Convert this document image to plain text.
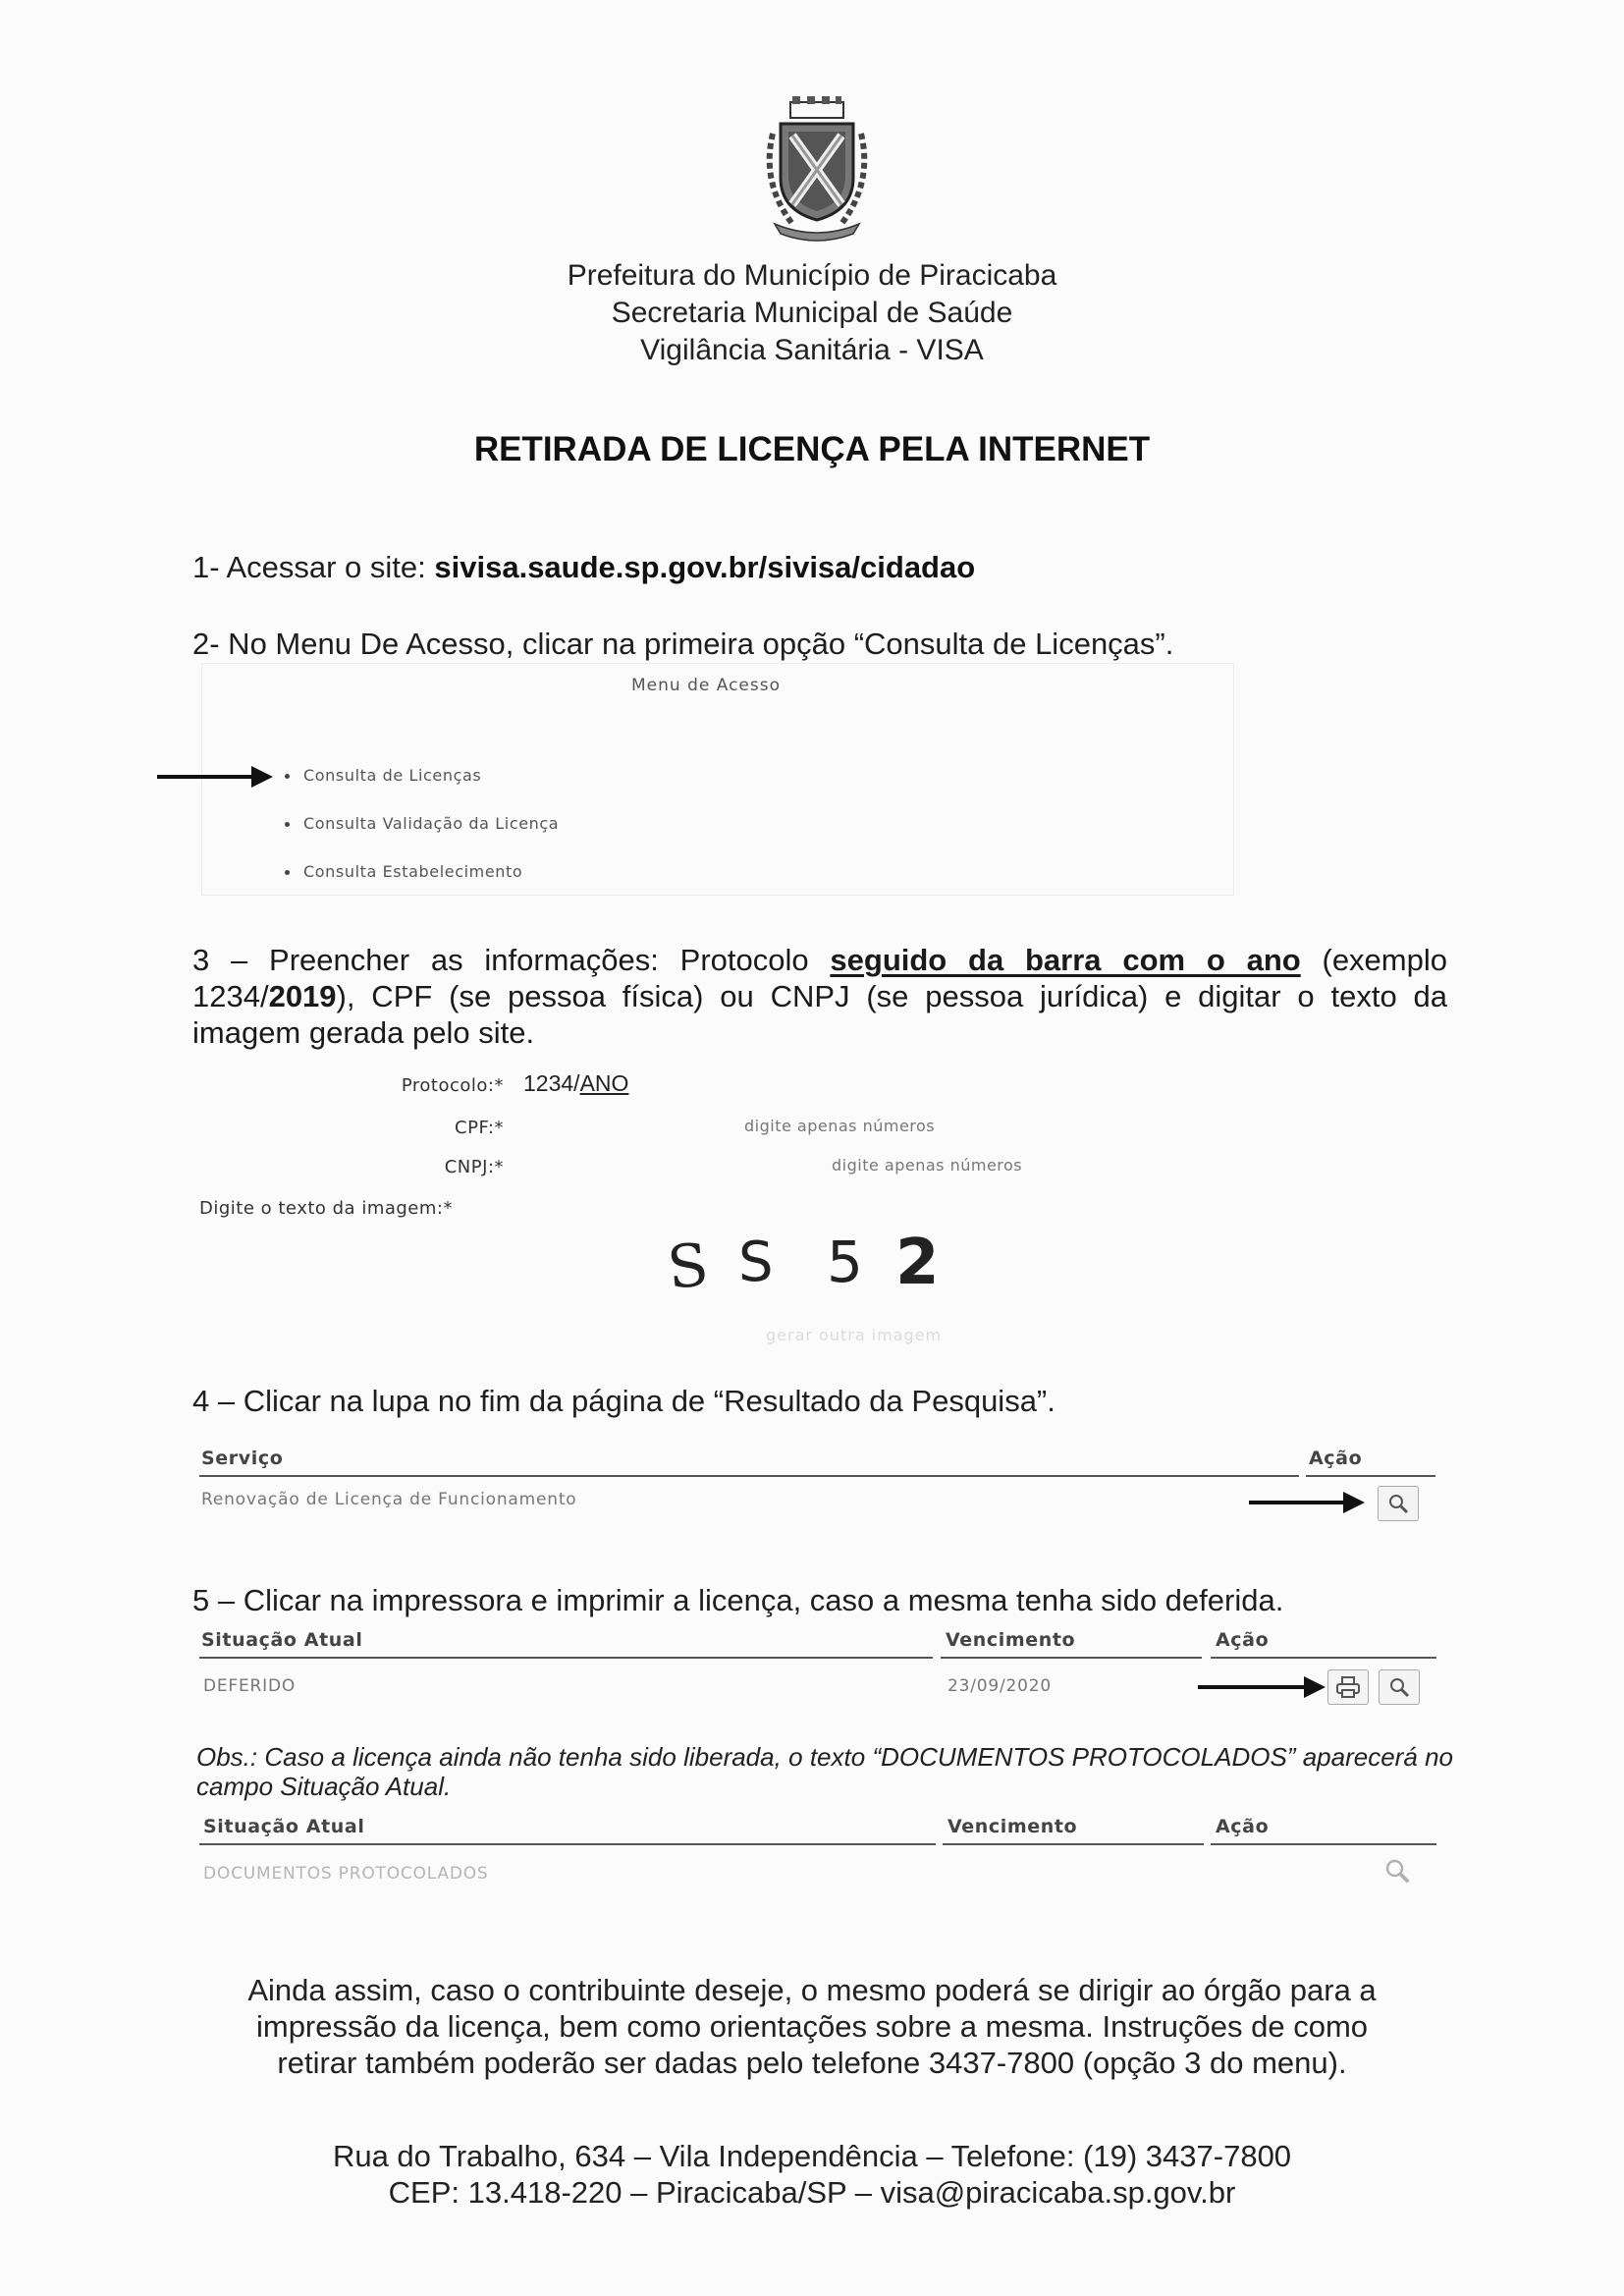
Prefeitura do Município de Piracicaba
Secretaria Municipal de Saúde
Vigilância Sanitária - VISA
RETIRADA DE LICENÇA PELA INTERNET
1- Acessar o site: sivisa.saude.sp.gov.br/sivisa/cidadao
2- No Menu De Acesso, clicar na primeira opção “Consulta de Licenças”.
Menu de Acesso
Consulta de Licenças
Consulta Validação da Licença
Consulta Estabelecimento
3 – Preencher as informações: Protocolo seguido da barra com o ano (exemplo 1234/2019), CPF (se pessoa física) ou CNPJ (se pessoa jurídica) e digitar o texto da imagem gerada pelo site.
Protocolo:* 1234/ANO
CPF:*	digite apenas números
CNPJ:*	digite apenas números
Digite o texto da imagem:*
S S 5 2
gerar outra imagem
4 – Clicar na lupa no fim da página de “Resultado da Pesquisa”.
Serviço	Ação
Renovação de Licença de Funcionamento
5 – Clicar na impressora e imprimir a licença, caso a mesma tenha sido deferida.
Situação Atual	Vencimento	Ação
DEFERIDO	23/09/2020
Obs.: Caso a licença ainda não tenha sido liberada, o texto “DOCUMENTOS PROTOCOLADOS” aparecerá no campo Situação Atual.
Situação Atual	Vencimento	Ação
DOCUMENTOS PROTOCOLADOS
Ainda assim, caso o contribuinte deseje, o mesmo poderá se dirigir ao órgão para a
impressão da licença, bem como orientações sobre a mesma. Instruções de como
retirar também poderão ser dadas pelo telefone 3437-7800 (opção 3 do menu).
Rua do Trabalho, 634 – Vila Independência – Telefone: (19) 3437-7800
CEP: 13.418-220 – Piracicaba/SP – visa@piracicaba.sp.gov.br
